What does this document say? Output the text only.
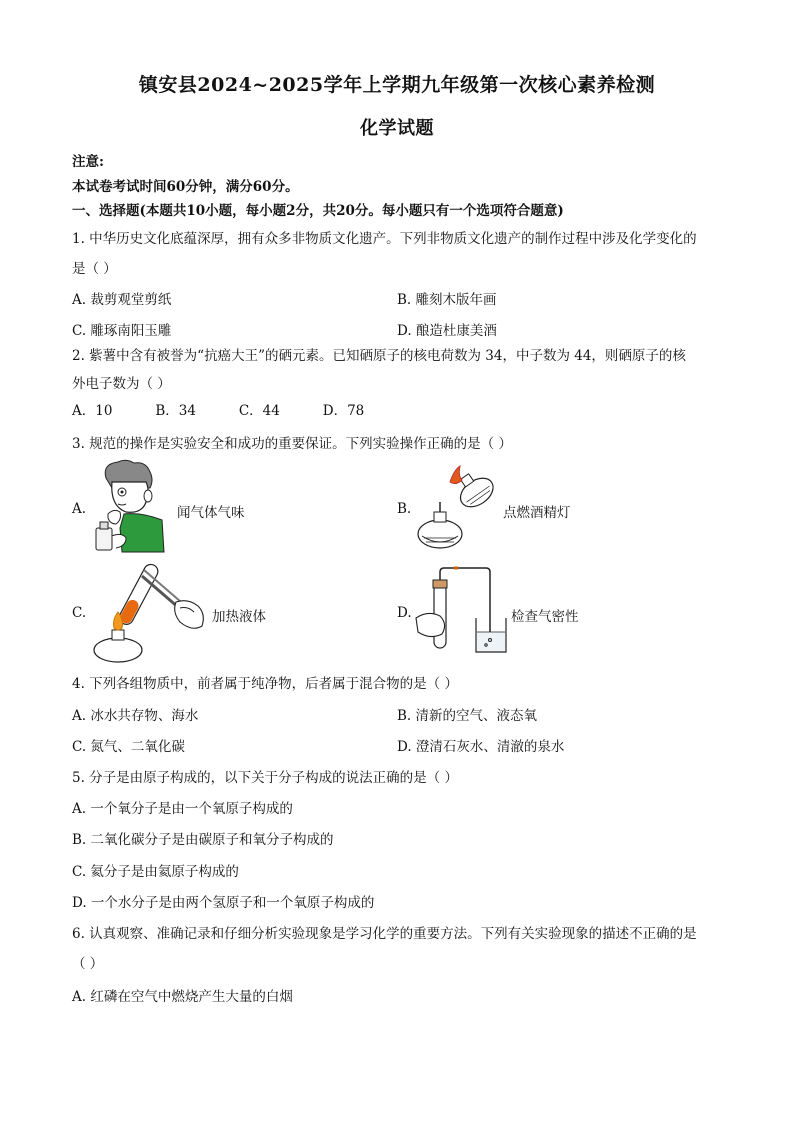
镇安县2024~2025学年上学期九年级第一次核心素养检测
化学试题
注意:
本试卷考试时间60分钟，满分60分。
一、选择题(本题共10小题，每小题2分，共20分。每小题只有一个选项符合题意)
1. 中华历史文化底蕴深厚，拥有众多非物质文化遗产。下列非物质文化遗产的制作过程中涉及化学变化的
是（ ）
A. 裁剪观堂剪纸	B. 雕刻木版年画
C. 雕琢南阳玉雕	D. 酿造杜康美酒
2. 紫薯中含有被誉为“抗癌大王”的硒元素。已知硒原子的核电荷数为 34，中子数为 44，则硒原子的核
外电子数为（ ）
A．10          B．34          C．44          D．78
3. 规范的操作是实验安全和成功的重要保证。下列实验操作正确的是（ ）
A.	闻气体气味	B.	点燃酒精灯
C.	加热液体	D.	检查气密性
4. 下列各组物质中，前者属于纯净物，后者属于混合物的是（ ）
A. 冰水共存物、海水	B. 清新的空气、液态氧
C. 氮气、二氧化碳	D. 澄清石灰水、清澈的泉水
5. 分子是由原子构成的，以下关于分子构成的说法正确的是（ ）
A. 一个氧分子是由一个氧原子构成的
B. 二氧化碳分子是由碳原子和氧分子构成的
C. 氦分子是由氦原子构成的
D. 一个水分子是由两个氢原子和一个氧原子构成的
6. 认真观察、准确记录和仔细分析实验现象是学习化学的重要方法。下列有关实验现象的描述不正确的是
（ ）
A. 红磷在空气中燃烧产生大量的白烟
